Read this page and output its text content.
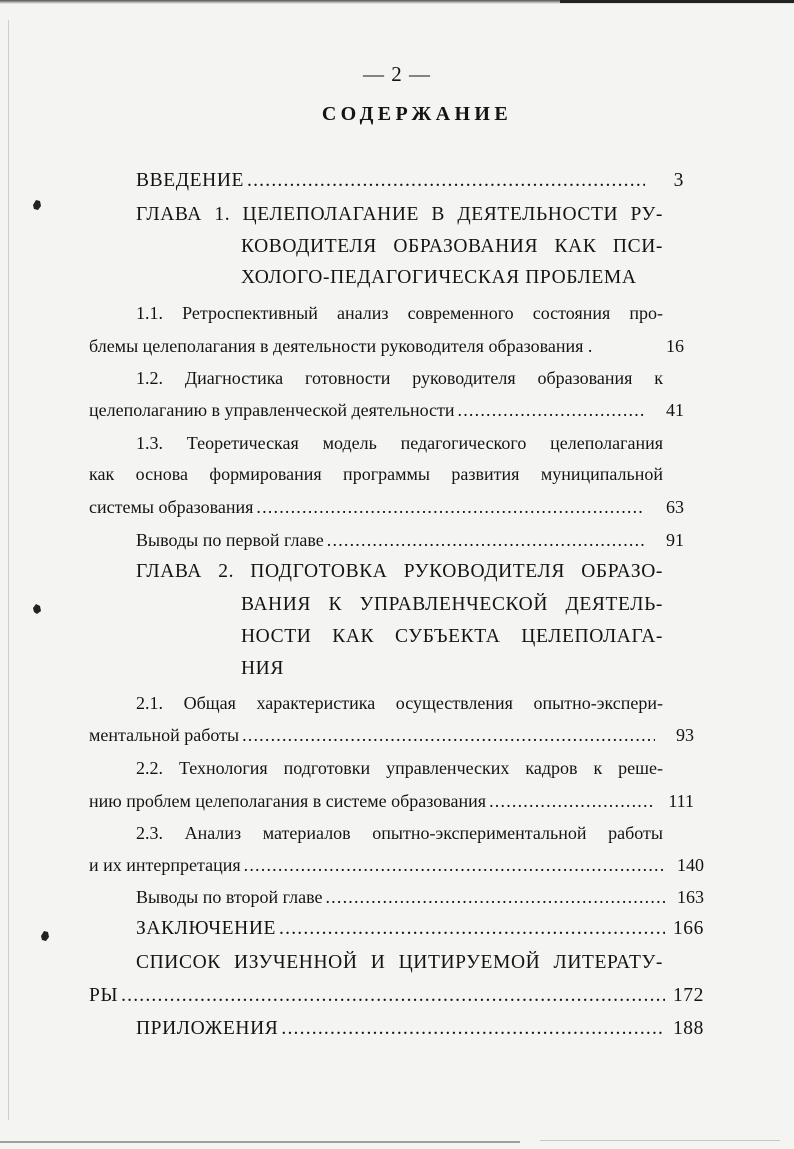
— 2 —
СОДЕРЖАНИЕ
ВВЕДЕНИЕ .....	3
ГЛАВА 1. ЦЕЛЕПОЛАГАНИЕ В ДЕЯТЕЛЬНОСТИ РУ-
КОВОДИТЕЛЯ ОБРАЗОВАНИЯ КАК ПСИ-
ХОЛОГО-ПЕДАГОГИЧЕСКАЯ ПРОБЛЕМА
1.1. Ретроспективный анализ современного состояния про-
блемы целеполагания в деятельности руководителя образования .	16
1.2. Диагностика готовности руководителя образования к
целеполаганию в управленческой деятельности .....	41
1.3. Теоретическая модель педагогического целеполагания
как основа формирования программы развития муниципальной
системы образования .....	63
Выводы по первой главе .....	91
ГЛАВА 2. ПОДГОТОВКА РУКОВОДИТЕЛЯ ОБРАЗО-
ВАНИЯ К УПРАВЛЕНЧЕСКОЙ ДЕЯТЕЛЬ-
НОСТИ КАК СУБЪЕКТА ЦЕЛЕПОЛАГА-
НИЯ
2.1. Общая характеристика осуществления опытно-экспери-
ментальной работы .....	93
2.2. Технология подготовки управленческих кадров к реше-
нию проблем целеполагания в системе образования .....	111
2.3. Анализ материалов опытно-экспериментальной работы
и их интерпретация .....	140
Выводы по второй главе .....	163
ЗАКЛЮЧЕНИЕ .....	166
СПИСОК ИЗУЧЕННОЙ И ЦИТИРУЕМОЙ ЛИТЕРАТУ-
РЫ .....	172
ПРИЛОЖЕНИЯ .....	188
